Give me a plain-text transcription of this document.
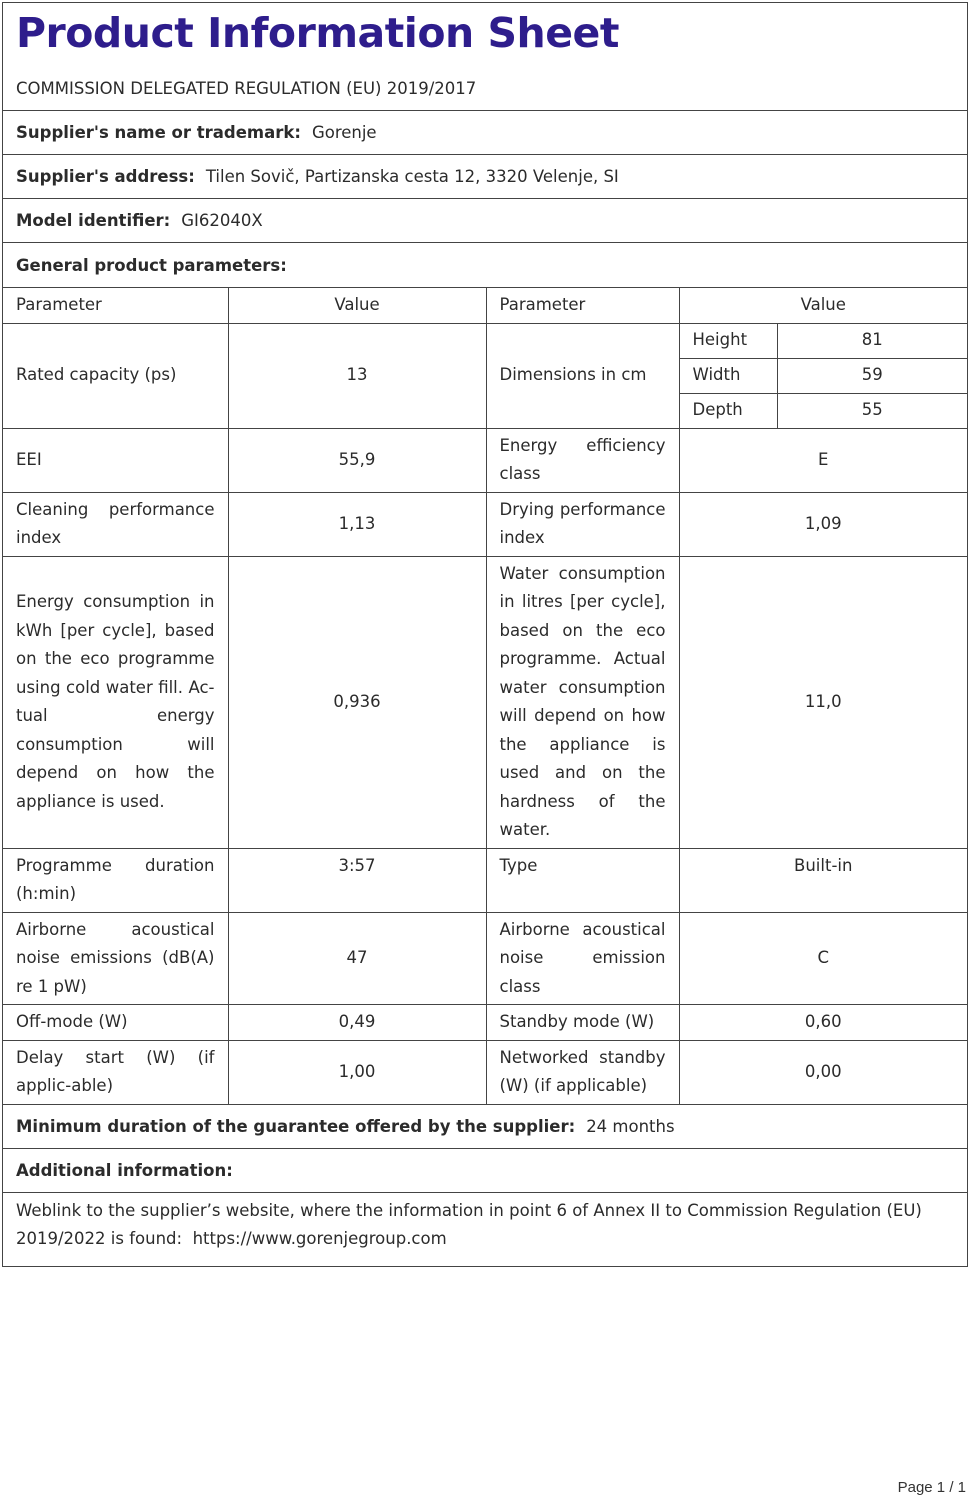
Product Information Sheet
COMMISSION DELEGATED REGULATION (EU) 2019/2017
Supplier's name or trademark: Gorenje
Supplier's address: Tilen Sovič, Partizanska cesta 12, 3320 Velenje, SI
Model identifier: GI62040X
General product parameters:
Parameter	Value	Parameter	Value
Rated capacity (ps)	13	Dimensions in cm	
Height	81
Width	59
Depth	55

EEI	55,9	Energy efficiency class	E
Cleaning performance index	1,13	Drying performance index	1,09
Energy consumption in kWh [per cycle], based on the eco programme using cold water fill. Ac-tual energy consumption will depend on how the appliance is used.	0,936	Water consumption in litres [per cycle], based on the eco programme. Actual water consumption will depend on how the appliance is used and on the hardness of the water.	11,0
Programme duration (h:min)	3:57	Type	Built-in
Airborne acoustical noise emissions (dB(A) re 1 pW)	47	Airborne acoustical noise emission class	C
Off-mode (W)	0,49	Standby mode (W)	0,60
Delay start (W) (if applic-able)	1,00	Networked standby (W) (if applicable)	0,00
Minimum duration of the guarantee offered by the supplier: 24 months
Additional information:
Weblink to the supplier’s website, where the information in point 6 of Annex II to Commission Regulation (EU) 2019/2022 is found: https://www.gorenjegroup.com
Page 1 / 1
